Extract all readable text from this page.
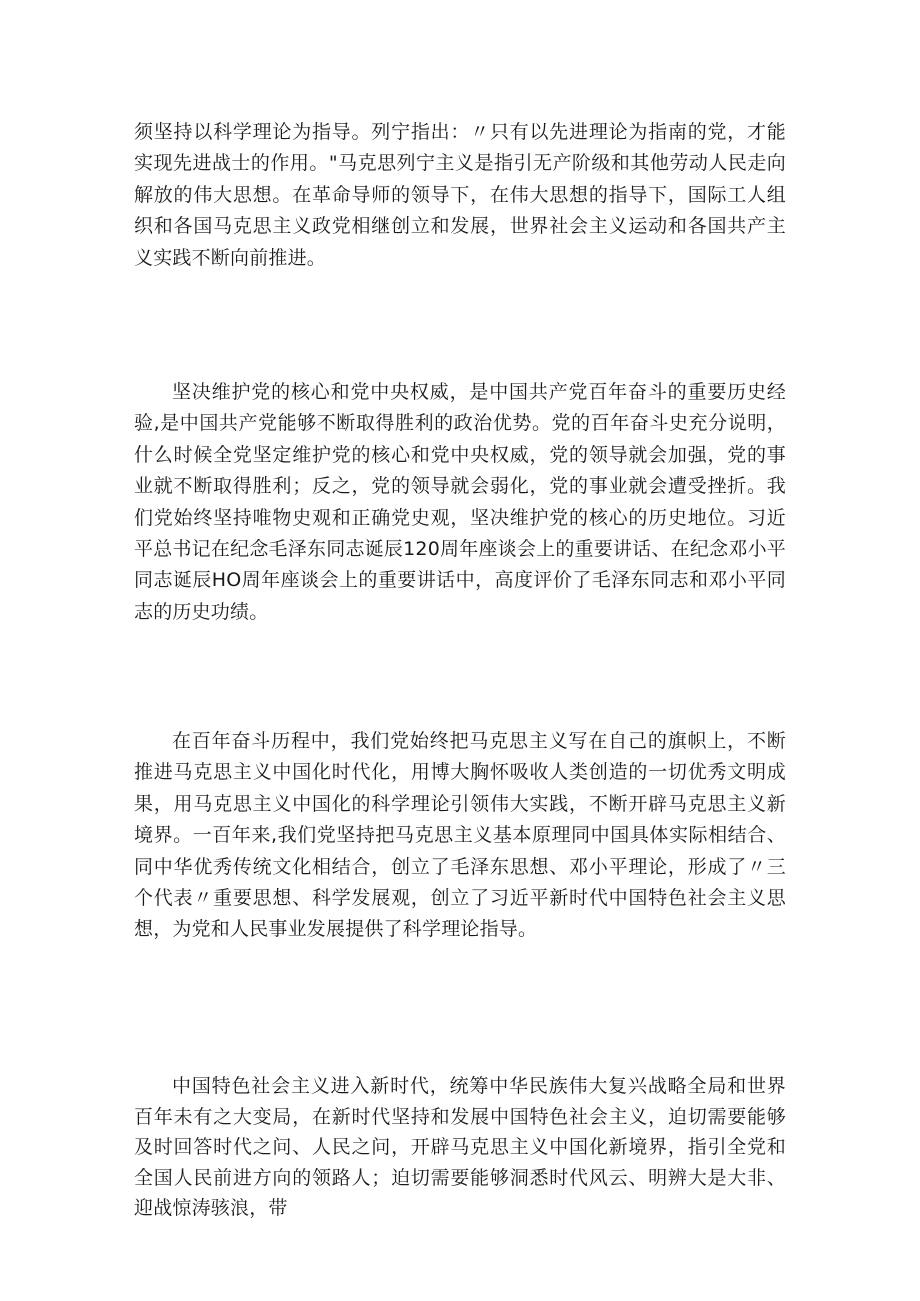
须坚持以科学理论为指导。列宁指出：〃只有以先进理论为指南的党，才能实现先进战士的作用。"马克思列宁主义是指引无产阶级和其他劳动人民走向解放的伟大思想。在革命导师的领导下，在伟大思想的指导下，国际工人组织和各国马克思主义政党相继创立和发展，世界社会主义运动和各国共产主义实践不断向前推进。

坚决维护党的核心和党中央权威，是中国共产党百年奋斗的重要历史经验,是中国共产党能够不断取得胜利的政治优势。党的百年奋斗史充分说明，什么时候全党坚定维护党的核心和党中央权威，党的领导就会加强，党的事业就不断取得胜利；反之，党的领导就会弱化，党的事业就会遭受挫折。我们党始终坚持唯物史观和正确党史观，坚决维护党的核心的历史地位。习近平总书记在纪念毛泽东同志诞辰120周年座谈会上的重要讲话、在纪念邓小平同志诞辰HO周年座谈会上的重要讲话中，高度评价了毛泽东同志和邓小平同志的历史功绩。

在百年奋斗历程中，我们党始终把马克思主义写在自己的旗帜上，不断推进马克思主义中国化时代化，用博大胸怀吸收人类创造的一切优秀文明成果，用马克思主义中国化的科学理论引领伟大实践，不断开辟马克思主义新境界。一百年来,我们党坚持把马克思主义基本原理同中国具体实际相结合、同中华优秀传统文化相结合，创立了毛泽东思想、邓小平理论，形成了〃三个代表〃重要思想、科学发展观，创立了习近平新时代中国特色社会主义思想，为党和人民事业发展提供了科学理论指导。

中国特色社会主义进入新时代，统筹中华民族伟大复兴战略全局和世界百年未有之大变局，在新时代坚持和发展中国特色社会主义，迫切需要能够及时回答时代之问、人民之问，开辟马克思主义中国化新境界，指引全党和全国人民前进方向的领路人；迫切需要能够洞悉时代风云、明辨大是大非、迎战惊涛骇浪，带
